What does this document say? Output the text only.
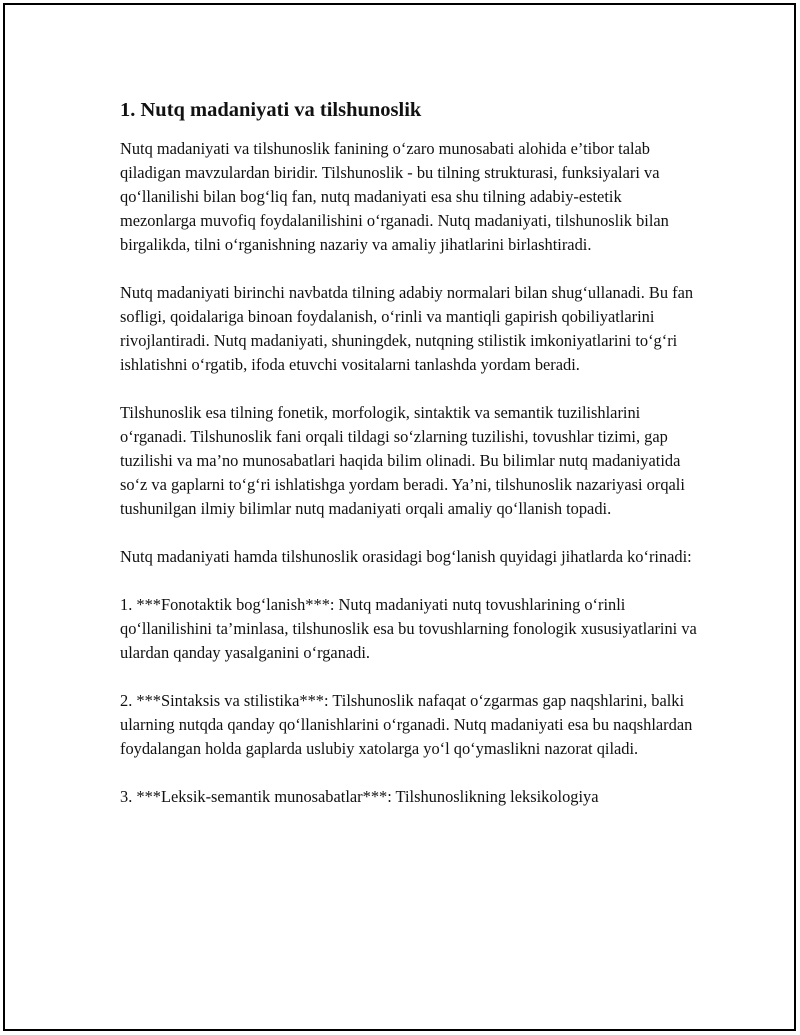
1. Nutq madaniyati va tilshunoslik

Nutq madaniyati va tilshunoslik fanining o‘zaro munosabati alohida e’tibor talab qiladigan mavzulardan biridir. Tilshunoslik - bu tilning strukturasi, funksiyalari va qo‘llanilishi bilan bog‘liq fan, nutq madaniyati esa shu tilning adabiy-estetik mezonlarga muvofiq foydalanilishini o‘rganadi. Nutq madaniyati, tilshunoslik bilan birgalikda, tilni o‘rganishning nazariy va amaliy jihatlarini birlashtiradi.

Nutq madaniyati birinchi navbatda tilning adabiy normalari bilan shug‘ullanadi. Bu fan sofligi, qoidalariga binoan foydalanish, o‘rinli va mantiqli gapirish qobiliyatlarini rivojlantiradi. Nutq madaniyati, shuningdek, nutqning stilistik imkoniyatlarini to‘g‘ri ishlatishni o‘rgatib, ifoda etuvchi vositalarni tanlashda yordam beradi.

Tilshunoslik esa tilning fonetik, morfologik, sintaktik va semantik tuzilishlarini o‘rganadi. Tilshunoslik fani orqali tildagi so‘zlarning tuzilishi, tovushlar tizimi, gap tuzilishi va ma’no munosabatlari haqida bilim olinadi. Bu bilimlar nutq madaniyatida so‘z va gaplarni to‘g‘ri ishlatishga yordam beradi. Ya’ni, tilshunoslik nazariyasi orqali tushunilgan ilmiy bilimlar nutq madaniyati orqali amaliy qo‘llanish topadi.

Nutq madaniyati hamda tilshunoslik orasidagi bog‘lanish quyidagi jihatlarda ko‘rinadi:

1. ***Fonotaktik bog‘lanish***: Nutq madaniyati nutq tovushlarining o‘rinli qo‘llanilishini ta’minlasa, tilshunoslik esa bu tovushlarning fonologik xususiyatlarini va ulardan qanday yasalganini o‘rganadi.

2. ***Sintaksis va stilistika***: Tilshunoslik nafaqat o‘zgarmas gap naqshlarini, balki ularning nutqda qanday qo‘llanishlarini o‘rganadi. Nutq madaniyati esa bu naqshlardan foydalangan holda gaplarda uslubiy xatolarga yo‘l qo‘ymaslikni nazorat qiladi.

3. ***Leksik-semantik munosabatlar***: Tilshunoslikning leksikologiya
